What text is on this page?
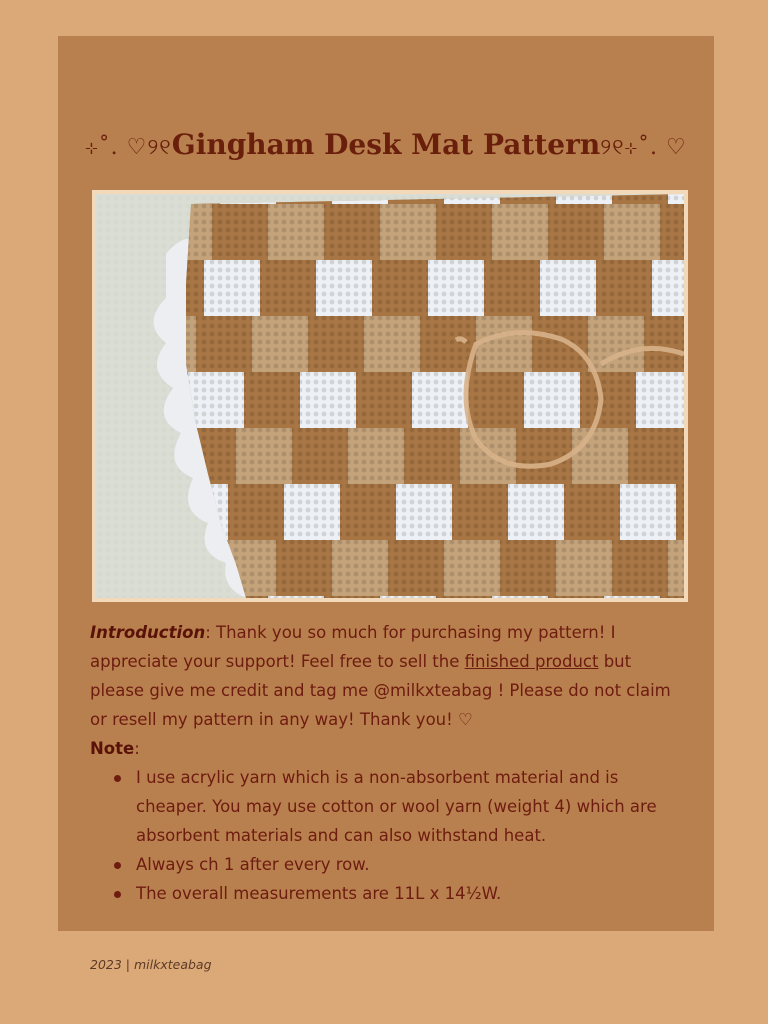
⊹˚. ♡୨୧Gingham Desk Mat Pattern୨୧⊹˚. ♡

Introduction: Thank you so much for purchasing my pattern! I appreciate your support! Feel free to sell the finished product but please give me credit and tag me @milkxteabag ! Please do not claim or resell my pattern in any way! Thank you! ♡

Note:

I use acrylic yarn which is a non-absorbent material and is cheaper. You may use cotton or wool yarn (weight 4) which are absorbent materials and can also withstand heat.
Always ch 1 after every row.
The overall measurements are 11L x 14½W.
2023 | milkxteabag
